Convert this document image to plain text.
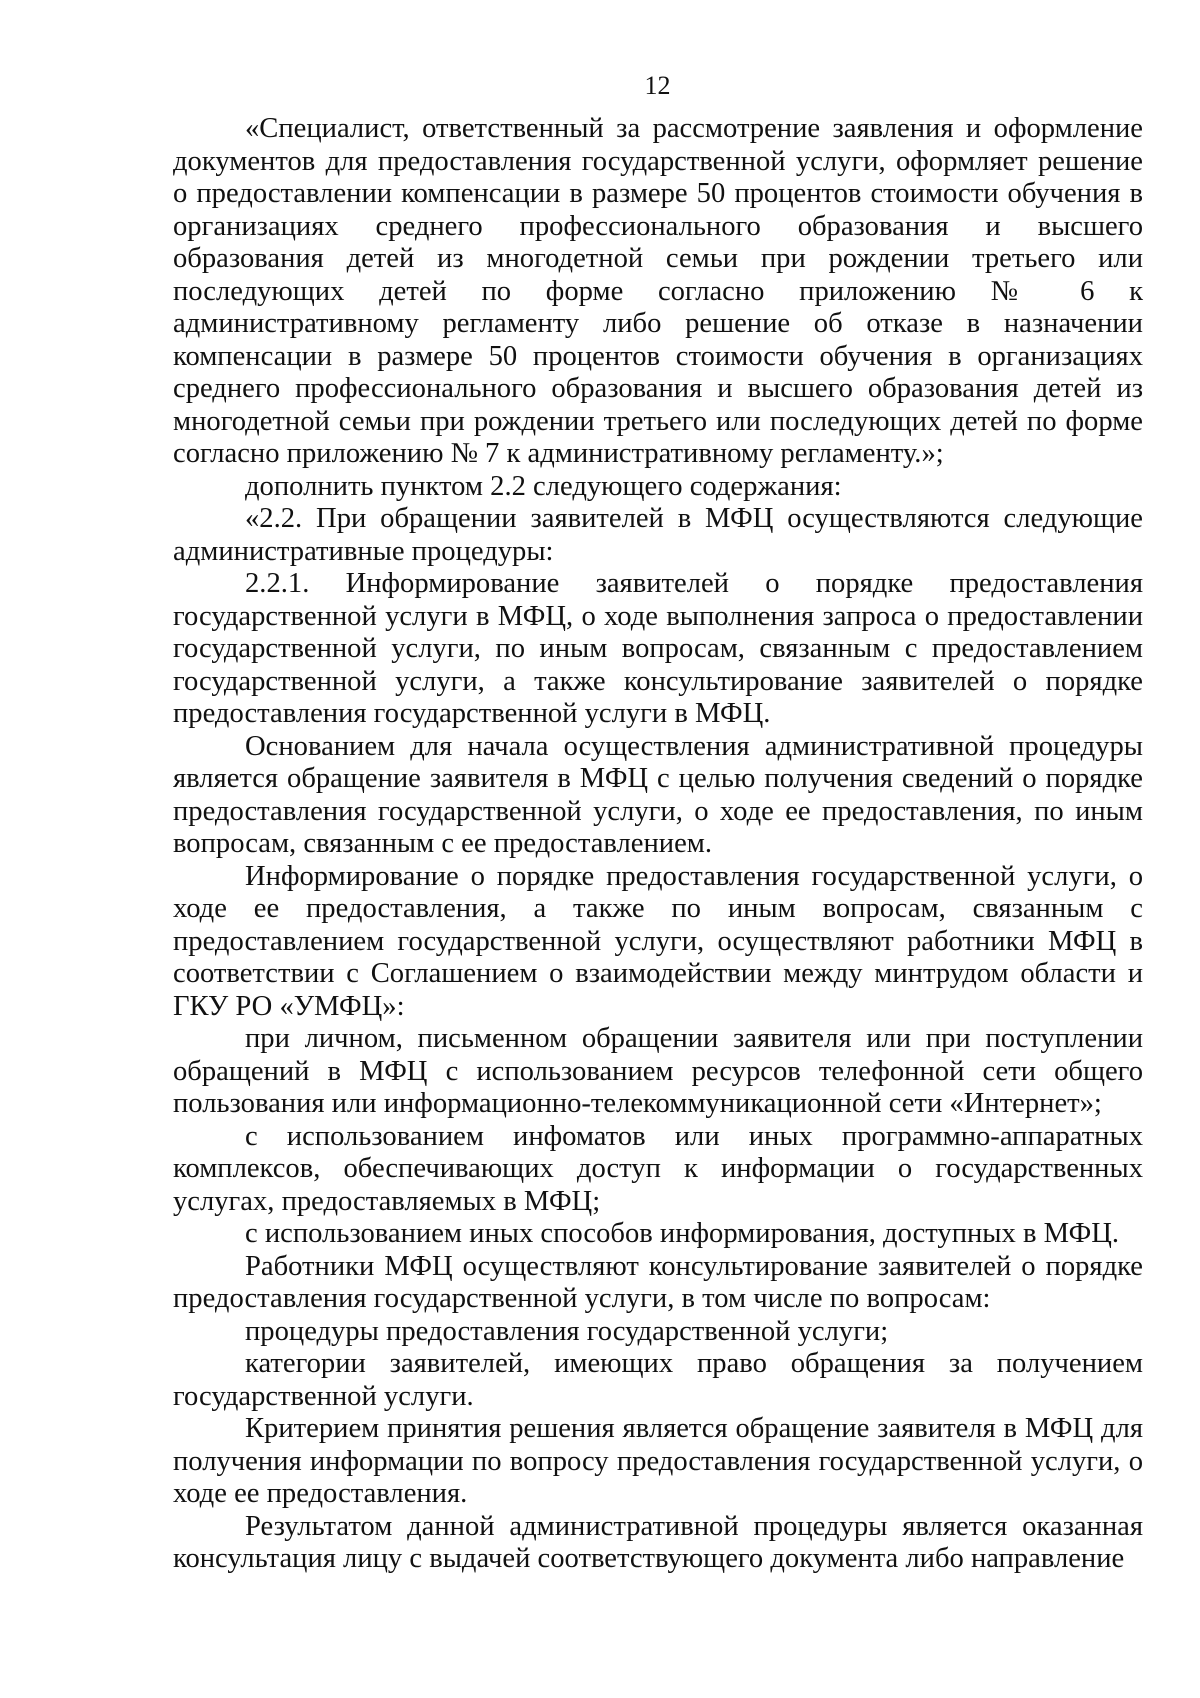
12

«Специалист, ответственный за рассмотрение заявления и оформление документов для предоставления государственной услуги, оформляет решение о предоставлении компенсации в размере 50 процентов стоимости обучения в организациях среднего профессионального образования и высшего образования детей из многодетной семьи при рождении третьего или последующих детей по форме согласно приложению № 6 к административному регламенту либо решение об отказе в назначении компенсации в размере 50 процентов стоимости обучения в организациях среднего профессионального образования и высшего образования детей из многодетной семьи при рождении третьего или последующих детей по форме согласно приложению № 7 к административному регламенту.»;

дополнить пунктом 2.2 следующего содержания:

«2.2. При обращении заявителей в МФЦ осуществляются следующие административные процедуры:

2.2.1. Информирование заявителей о порядке предоставления государственной услуги в МФЦ, о ходе выполнения запроса о предоставлении государственной услуги, по иным вопросам, связанным с предоставлением государственной услуги, а также консультирование заявителей о порядке предоставления государственной услуги в МФЦ.

Основанием для начала осуществления административной процедуры является обращение заявителя в МФЦ с целью получения сведений о порядке предоставления государственной услуги, о ходе ее предоставления, по иным вопросам, связанным с ее предоставлением.

Информирование о порядке предоставления государственной услуги, о ходе ее предоставления, а также по иным вопросам, связанным с предоставлением государственной услуги, осуществляют работники МФЦ в соответствии с Соглашением о взаимодействии между минтрудом области и ГКУ РО «УМФЦ»:

при личном, письменном обращении заявителя или при поступлении обращений в МФЦ с использованием ресурсов телефонной сети общего пользования или информационно-телекоммуникационной сети «Интернет»;

с использованием инфоматов или иных программно-аппаратных комплексов, обеспечивающих доступ к информации о государственных услугах, предоставляемых в МФЦ;

с использованием иных способов информирования, доступных в МФЦ.

Работники МФЦ осуществляют консультирование заявителей о порядке предоставления государственной услуги, в том числе по вопросам:

процедуры предоставления государственной услуги;

категории заявителей, имеющих право обращения за получением государственной услуги.

Критерием принятия решения является обращение заявителя в МФЦ для получения информации по вопросу предоставления государственной услуги, о ходе ее предоставления.

Результатом данной административной процедуры является оказанная консультация лицу с выдачей соответствующего документа либо направление
